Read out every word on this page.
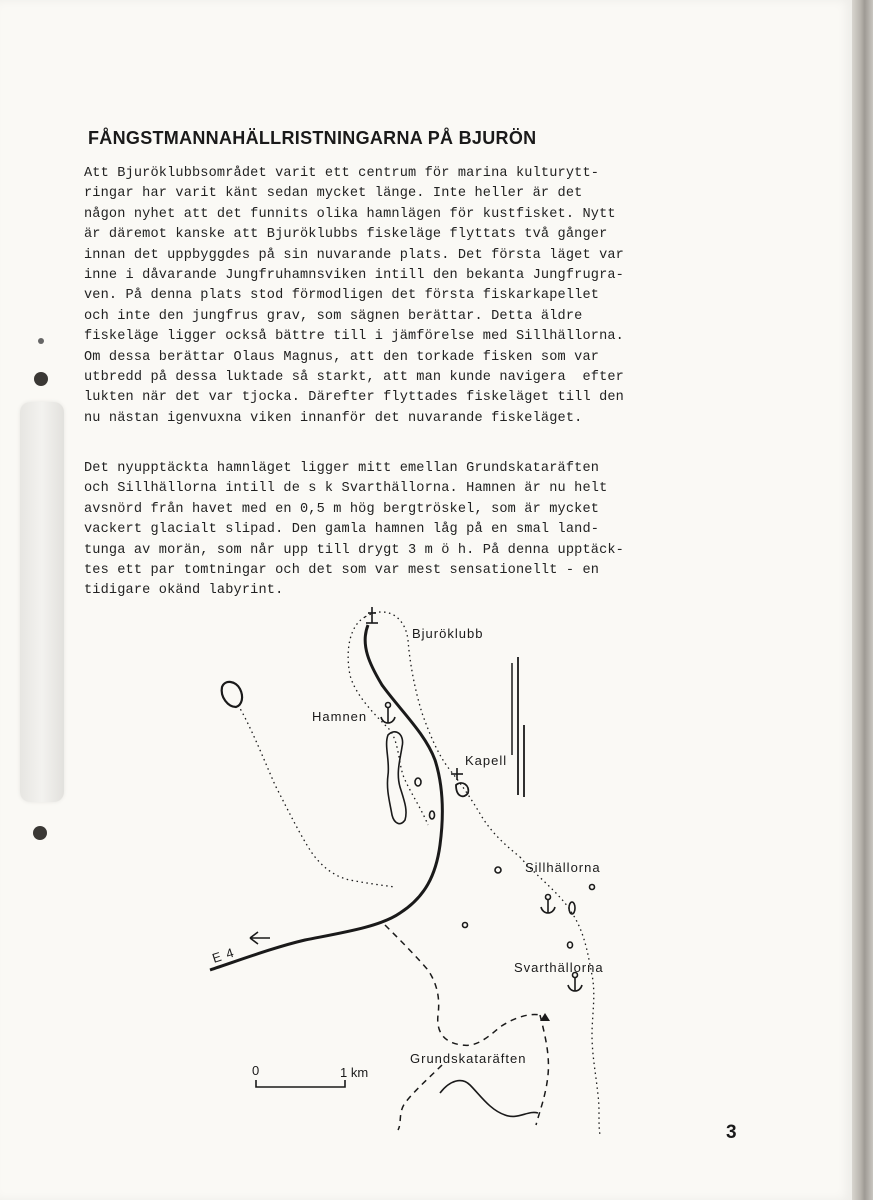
FÅNGSTMANNAHÄLLRISTNINGARNA PÅ BJURÖN
Att Bjuröklubbsområdet varit ett centrum för marina kulturytt-
ringar har varit känt sedan mycket länge. Inte heller är det
någon nyhet att det funnits olika hamnlägen för kustfisket. Nytt
är däremot kanske att Bjuröklubbs fiskeläge flyttats två gånger
innan det uppbyggdes på sin nuvarande plats. Det första läget var
inne i dåvarande Jungfruhamnsviken intill den bekanta Jungfrugra-
ven. På denna plats stod förmodligen det första fiskarkapellet
och inte den jungfrus grav, som sägnen berättar. Detta äldre
fiskeläge ligger också bättre till i jämförelse med Sillhällorna.
Om dessa berättar Olaus Magnus, att den torkade fisken som var
utbredd på dessa luktade så starkt, att man kunde navigera  efter
lukten när det var tjocka. Därefter flyttades fiskeläget till den
nu nästan igenvuxna viken innanför det nuvarande fiskeläget.
Det nyupptäckta hamnläget ligger mitt emellan Grundskataräften
och Sillhällorna intill de s k Svarthällorna. Hamnen är nu helt
avsnörd från havet med en 0,5 m hög bergtröskel, som är mycket
vackert glacialt slipad. Den gamla hamnen låg på en smal land-
tunga av morän, som når upp till drygt 3 m ö h. På denna upptäck-
tes ett par tomtningar och det som var mest sensationellt - en
tidigare okänd labyrint.
Bjuröklubb
Hamnen
Kapell
Sillhällorna
Svarthällorna
Grundskataräften
E 4
0	1 km
3
